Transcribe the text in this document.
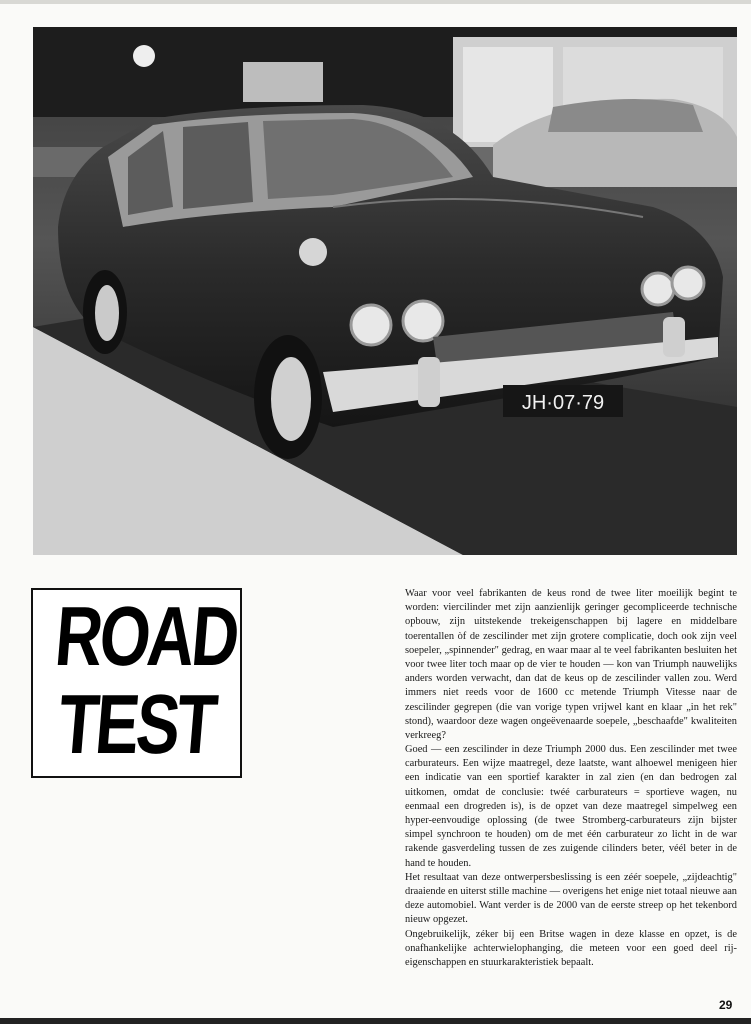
JH·07·79
ROAD
TEST

Waar voor veel fabrikanten de keus rond de twee liter moeilijk begint te worden: viercilinder met zijn aanzienlijk geringer gecompliceerde technische opbouw, zijn uitstekende trekeigenschappen bij lagere en middelbare toerentallen òf de zescilinder met zijn grotere complicatie, doch ook zijn veel soepeler, „spinnender" gedrag, en waar maar al te veel fabrikanten besluiten het voor twee liter toch maar op de vier te houden — kon van Triumph nauwelijks anders worden verwacht, dan dat de keus op de zescilinder vallen zou. Werd immers niet reeds voor de 1600 cc metende Triumph Vitesse naar de zescilinder gegrepen (die van vorige typen vrijwel kant en klaar „in het rek" stond), waardoor deze wagen ongeëvenaarde soepele, „beschaafde" kwaliteiten verkreeg?

Goed — een zescilinder in deze Triumph 2000 dus. Een zescilinder met twee carburateurs. Een wijze maatregel, deze laatste, want alhoewel menigeen hier een indicatie van een sportief karakter in zal zien (en dan bedrogen zal uitkomen, omdat de conclusie: twéé carburateurs = sportieve wagen, nu eenmaal een drogreden is), is de opzet van deze maatregel simpelweg een hyper-eenvoudige oplossing (de twee Stromberg-carburateurs zijn bijster simpel synchroon te houden) om de met één carburateur zo licht in de war rakende gasverdeling tussen de zes zuigende cilinders beter, véél beter in de hand te houden.

Het resultaat van deze ontwerpersbeslissing is een zéér soepele, „zijdeachtig" draaiende en uiterst stille machine — overigens het enige niet totaal nieuwe aan deze automobiel. Want verder is de 2000 van de eerste streep op het tekenbord nieuw opgezet.

Ongebruikelijk, zéker bij een Britse wagen in deze klasse en opzet, is de onafhankelijke achterwielophanging, die meteen voor een goed deel rij-eigenschappen en stuurkarakteristiek bepaalt.

29
